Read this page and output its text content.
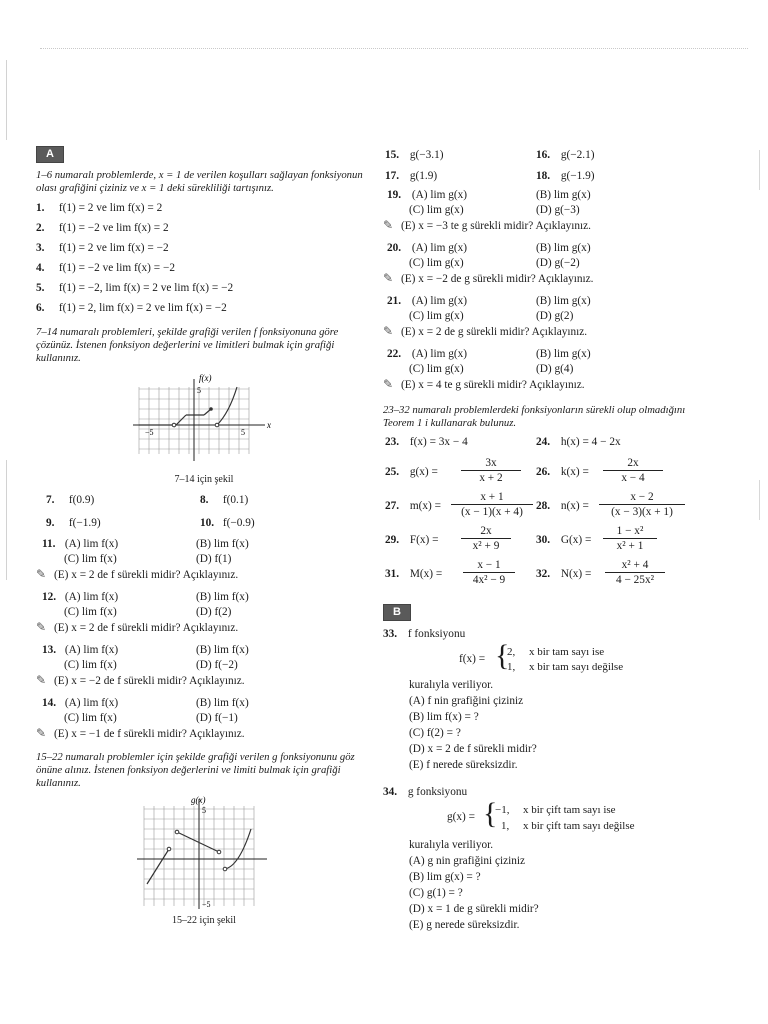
A
1–6 numaralı problemlerde, x = 1 de verilen koşulları sağlayan fonksiyonun olası grafiğini çiziniz ve x = 1 deki sürekliliği tartışınız.
1. f(1) = 2 ve lim f(x) = 2
2. f(1) = −2 ve lim f(x) = 2
3. f(1) = 2 ve lim f(x) = −2
4. f(1) = −2 ve lim f(x) = −2
5. f(1) = −2, lim f(x) = 2 ve lim f(x) = −2
6. f(1) = 2, lim f(x) = 2 ve lim f(x) = −2
7–14 numaralı problemleri, şekilde grafiği verilen f fonksiyonuna göre çözünüz. İstenen fonksiyon değerlerini ve limitleri bulmak için grafiği kullanınız.
f(x)
5
−5	5
x
7–14 için şekil
7. f(0.9)	8. f(0.1)
9. f(−1.9)	10. f(−0.9)
11. (A) lim f(x)	(B) lim f(x)
(C) lim f(x)	(D) f(1)
✎ (E) x = 2 de f sürekli midir? Açıklayınız.
12. (A) lim f(x)	(B) lim f(x)
(C) lim f(x)	(D) f(2)
✎ (E) x = 2 de f sürekli midir? Açıklayınız.
13. (A) lim f(x)	(B) lim f(x)
(C) lim f(x)	(D) f(−2)
✎ (E) x = −2 de f sürekli midir? Açıklayınız.
14. (A) lim f(x)	(B) lim f(x)
(C) lim f(x)	(D) f(−1)
✎ (E) x = −1 de f sürekli midir? Açıklayınız.
15–22 numaralı problemler için şekilde grafiği verilen g fonksiyonunu göz önüne alınız. İstenen fonksiyon değerlerini ve limiti bulmak için grafiği kullanınız.
g(x)
5
−5
15–22 için şekil
15. g(−3.1)	16. g(−2.1)
17. g(1.9)	18. g(−1.9)
19. (A) lim g(x)	(B) lim g(x)
(C) lim g(x)	(D) g(−3)
✎ (E) x = −3 te g sürekli midir? Açıklayınız.
20. (A) lim g(x)	(B) lim g(x)
(C) lim g(x)	(D) g(−2)
✎ (E) x = −2 de g sürekli midir? Açıklayınız.
21. (A) lim g(x)	(B) lim g(x)
(C) lim g(x)	(D) g(2)
✎ (E) x = 2 de g sürekli midir? Açıklayınız.
22. (A) lim g(x)	(B) lim g(x)
(C) lim g(x)	(D) g(4)
✎ (E) x = 4 te g sürekli midir? Açıklayınız.
23–32 numaralı problemlerdeki fonksiyonların sürekli olup olmadığını Teorem 1 i kullanarak bulunuz.
23. f(x) = 3x − 4	24. h(x) = 4 − 2x
25. g(x) =
3x
x + 2	26. k(x) =
2x
x − 4
27. m(x) =
x + 1
(x − 1)(x + 4)	28. n(x) =
x − 2
(x − 3)(x + 1)
29. F(x) =
2x
x² + 9	30. G(x) =
1 − x²
x² + 1
31. M(x) =
x − 1
4x² − 9	32. N(x) =
x² + 4
4 − 25x²
B
33. f fonksiyonu
f(x) = {
2, x bir tam sayı ise
1, x bir tam sayı değilse
kuralıyla veriliyor.
(A) f nin grafiğini çiziniz
(B) lim f(x) = ?
(C) f(2) = ?
(D) x = 2 de f sürekli midir?
(E) f nerede süreksizdir.
34. g fonksiyonu
g(x) = {
−1, x bir çift tam sayı ise
1, x bir çift tam sayı değilse
kuralıyla veriliyor.
(A) g nin grafiğini çiziniz
(B) lim g(x) = ?
(C) g(1) = ?
(D) x = 1 de g sürekli midir?
(E) g nerede süreksizdir.
